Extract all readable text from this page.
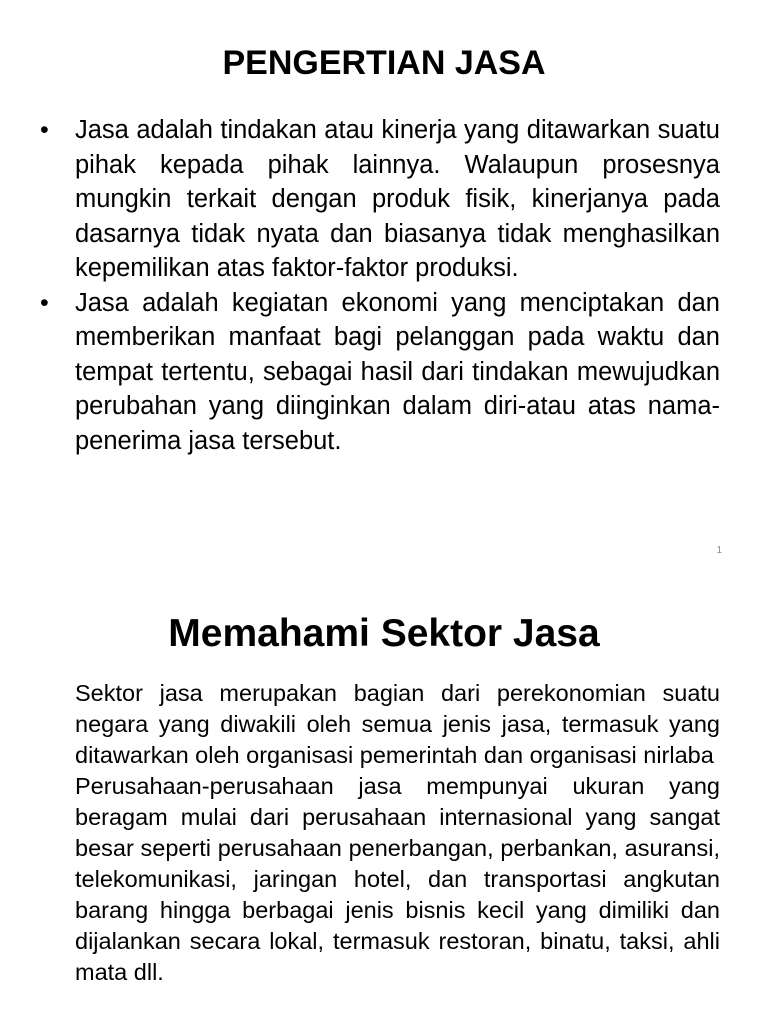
PENGERTIAN JASA
• Jasa adalah tindakan atau kinerja yang ditawarkan suatu pihak kepada pihak lainnya. Walaupun prosesnya mungkin terkait dengan produk fisik, kinerjanya pada dasarnya tidak nyata dan biasanya tidak menghasilkan kepemilikan atas faktor-faktor produksi.
• Jasa adalah kegiatan ekonomi yang menciptakan dan memberikan manfaat bagi pelanggan pada waktu dan tempat tertentu, sebagai hasil dari tindakan mewujudkan perubahan yang diinginkan dalam diri-atau atas nama-penerima jasa tersebut.
1
Memahami Sektor Jasa

Sektor jasa merupakan bagian dari perekonomian suatu negara yang diwakili oleh semua jenis jasa, termasuk yang ditawarkan oleh organisasi pemerintah dan organisasi nirlaba

Perusahaan-perusahaan jasa mempunyai ukuran yang beragam mulai dari perusahaan internasional yang sangat besar seperti perusahaan penerbangan, perbankan, asuransi, telekomunikasi, jaringan hotel, dan transportasi angkutan barang hingga berbagai jenis bisnis kecil yang dimiliki dan dijalankan secara lokal, termasuk restoran, binatu, taksi, ahli mata dll.
